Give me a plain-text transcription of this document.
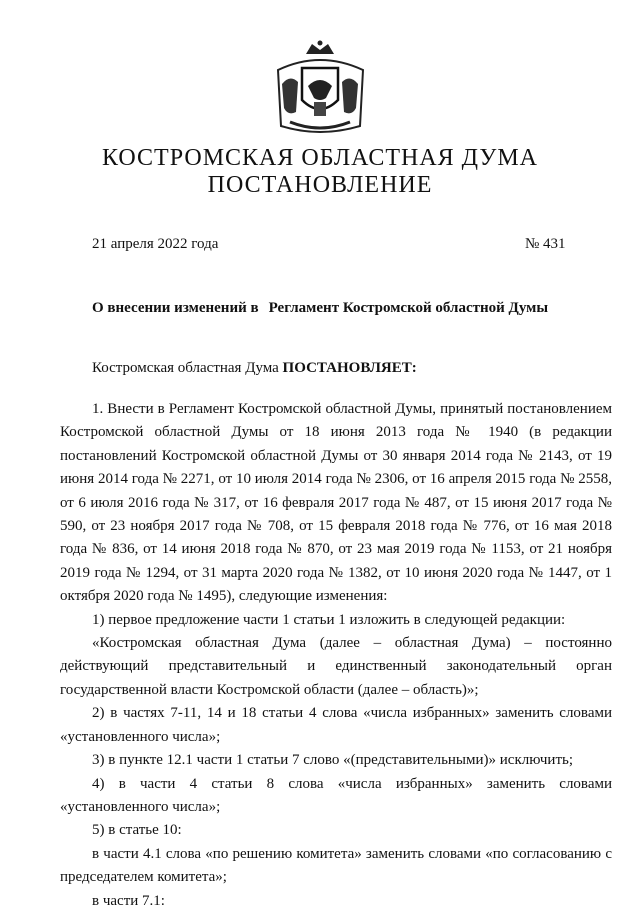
КОСТРОМСКАЯ ОБЛАСТНАЯ ДУМА
ПОСТАНОВЛЕНИЕ
21 апреля 2022 года	№ 431
О внесении изменений в Регламент Костромской областной Думы
Костромская областная Дума ПОСТАНОВЛЯЕТ:

1. Внести в Регламент Костромской областной Думы, принятый постановлением Костромской областной Думы от 18 июня 2013 года № 1940 (в редакции постановлений Костромской областной Думы от 30 января 2014 года № 2143, от 19 июня 2014 года № 2271, от 10 июля 2014 года № 2306, от 16 апреля 2015 года № 2558, от 6 июля 2016 года № 317, от 16 февраля 2017 года № 487, от 15 июня 2017 года № 590, от 23 ноября 2017 года № 708, от 15 февраля 2018 года № 776, от 16 мая 2018 года № 836, от 14 июня 2018 года № 870, от 23 мая 2019 года № 1153, от 21 ноября 2019 года № 1294, от 31 марта 2020 года № 1382, от 10 июня 2020 года № 1447, от 1 октября 2020 года № 1495), следующие изменения:

1) первое предложение части 1 статьи 1 изложить в следующей редакции:

«Костромская областная Дума (далее – областная Дума) – постоянно действующий представительный и единственный законодательный орган государственной власти Костромской области (далее – область)»;

2) в частях 7-11, 14 и 18 статьи 4 слова «числа избранных» заменить словами «установленного числа»;

3) в пункте 12.1 части 1 статьи 7 слово «(представительными)» исключить;

4) в части 4 статьи 8 слова «числа избранных» заменить словами «установленного числа»;

5) в статье 10:

в части 4.1 слова «по решению комитета» заменить словами «по согласованию с председателем комитета»;

в части 7.1:
